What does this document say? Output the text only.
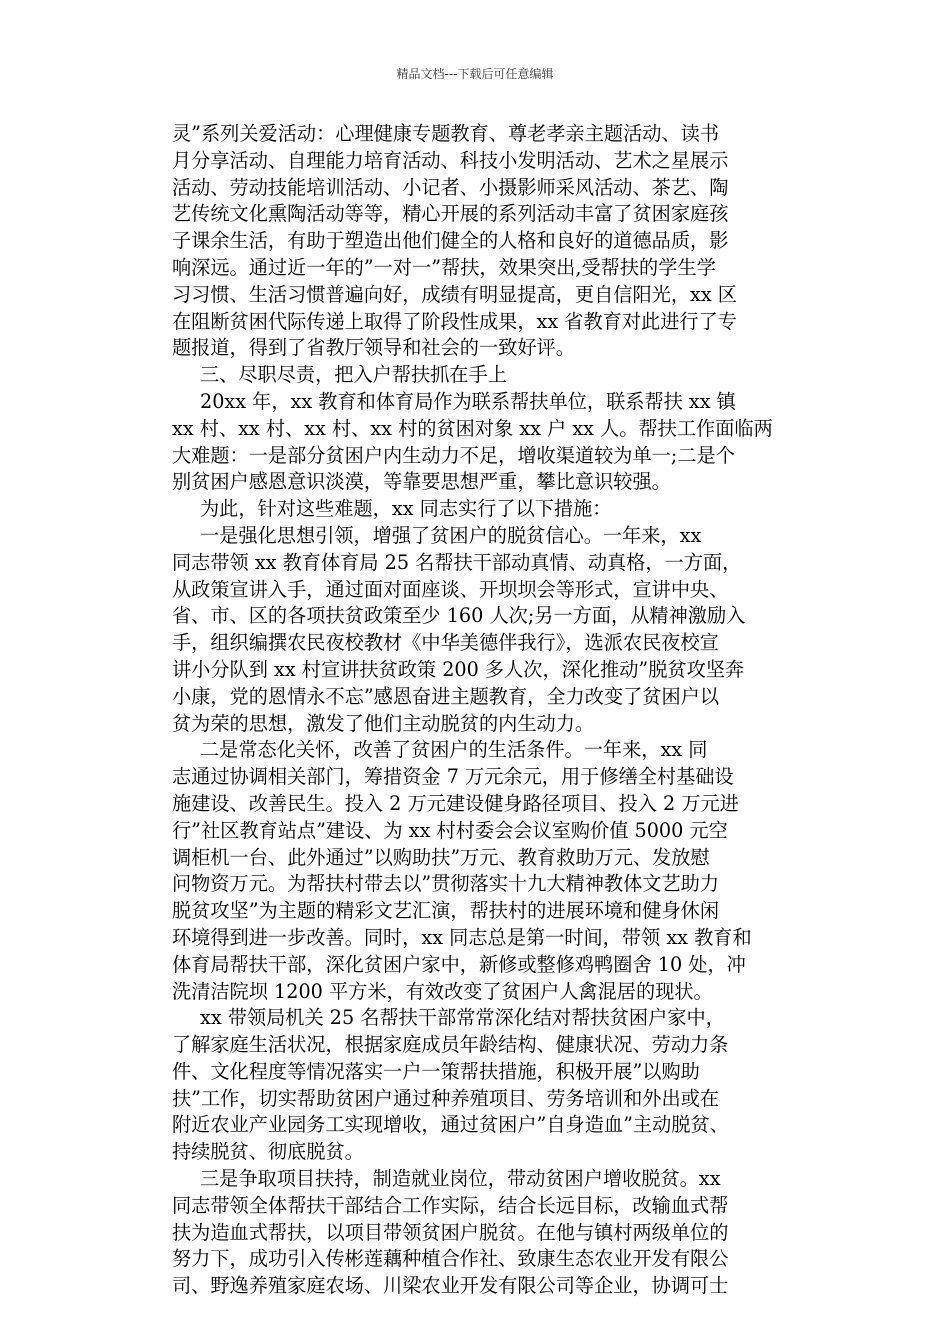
精品文档---下载后可任意编辑
灵”系列关爱活动：心理健康专题教育、尊老孝亲主题活动、读书
月分享活动、自理能力培育活动、科技小发明活动、艺术之星展示
活动、劳动技能培训活动、小记者、小摄影师采风活动、茶艺、陶
艺传统文化熏陶活动等等，精心开展的系列活动丰富了贫困家庭孩
子课余生活，有助于塑造出他们健全的人格和良好的道德品质，影
响深远。通过近一年的”一对一”帮扶，效果突出,受帮扶的学生学
习习惯、生活习惯普遍向好，成绩有明显提高，更自信阳光，xx 区
在阻断贫困代际传递上取得了阶段性成果，xx 省教育对此进行了专
题报道，得到了省教厅领导和社会的一致好评。
三、尽职尽责，把入户帮扶抓在手上
20xx 年，xx 教育和体育局作为联系帮扶单位，联系帮扶 xx 镇
xx 村、xx 村、xx 村、xx 村的贫困对象 xx 户 xx 人。帮扶工作面临两
大难题：一是部分贫困户内生动力不足，增收渠道较为单一;二是个
别贫困户感恩意识淡漠，等靠要思想严重，攀比意识较强。
为此，针对这些难题，xx 同志实行了以下措施：
一是强化思想引领，增强了贫困户的脱贫信心。一年来，xx
同志带领 xx 教育体育局 25 名帮扶干部动真情、动真格，一方面，
从政策宣讲入手，通过面对面座谈、开坝坝会等形式，宣讲中央、
省、市、区的各项扶贫政策至少 160 人次;另一方面，从精神激励入
手，组织编撰农民夜校教材《中华美德伴我行》，选派农民夜校宣
讲小分队到 xx 村宣讲扶贫政策 200 多人次，深化推动”脱贫攻坚奔
小康，党的恩情永不忘”感恩奋进主题教育，全力改变了贫困户以
贫为荣的思想，激发了他们主动脱贫的内生动力。
二是常态化关怀，改善了贫困户的生活条件。一年来，xx 同
志通过协调相关部门，筹措资金 7 万元余元，用于修缮全村基础设
施建设、改善民生。投入 2 万元建设健身路径项目、投入 2 万元进
行”社区教育站点”建设、为 xx 村村委会会议室购价值 5000 元空
调柜机一台、此外通过”以购助扶”万元、教育救助万元、发放慰
问物资万元。为帮扶村带去以”贯彻落实十九大精神教体文艺助力
脱贫攻坚”为主题的精彩文艺汇演，帮扶村的进展环境和健身休闲
环境得到进一步改善。同时，xx 同志总是第一时间，带领 xx 教育和
体育局帮扶干部，深化贫困户家中，新修或整修鸡鸭圈舍 10 处，冲
洗清洁院坝 1200 平方米，有效改变了贫困户人禽混居的现状。
xx 带领局机关 25 名帮扶干部常常深化结对帮扶贫困户家中，
了解家庭生活状况，根据家庭成员年龄结构、健康状况、劳动力条
件、文化程度等情况落实一户一策帮扶措施，积极开展”以购助
扶”工作，切实帮助贫困户通过种养殖项目、劳务培训和外出或在
附近农业产业园务工实现增收，通过贫困户”自身造血”主动脱贫、
持续脱贫、彻底脱贫。
三是争取项目扶持，制造就业岗位，带动贫困户增收脱贫。xx
同志带领全体帮扶干部结合工作实际，结合长远目标，改输血式帮
扶为造血式帮扶，以项目带领贫困户脱贫。在他与镇村两级单位的
努力下，成功引入传彬莲藕种植合作社、致康生态农业开发有限公
司、野逸养殖家庭农场、川梁农业开发有限公司等企业，协调可士
